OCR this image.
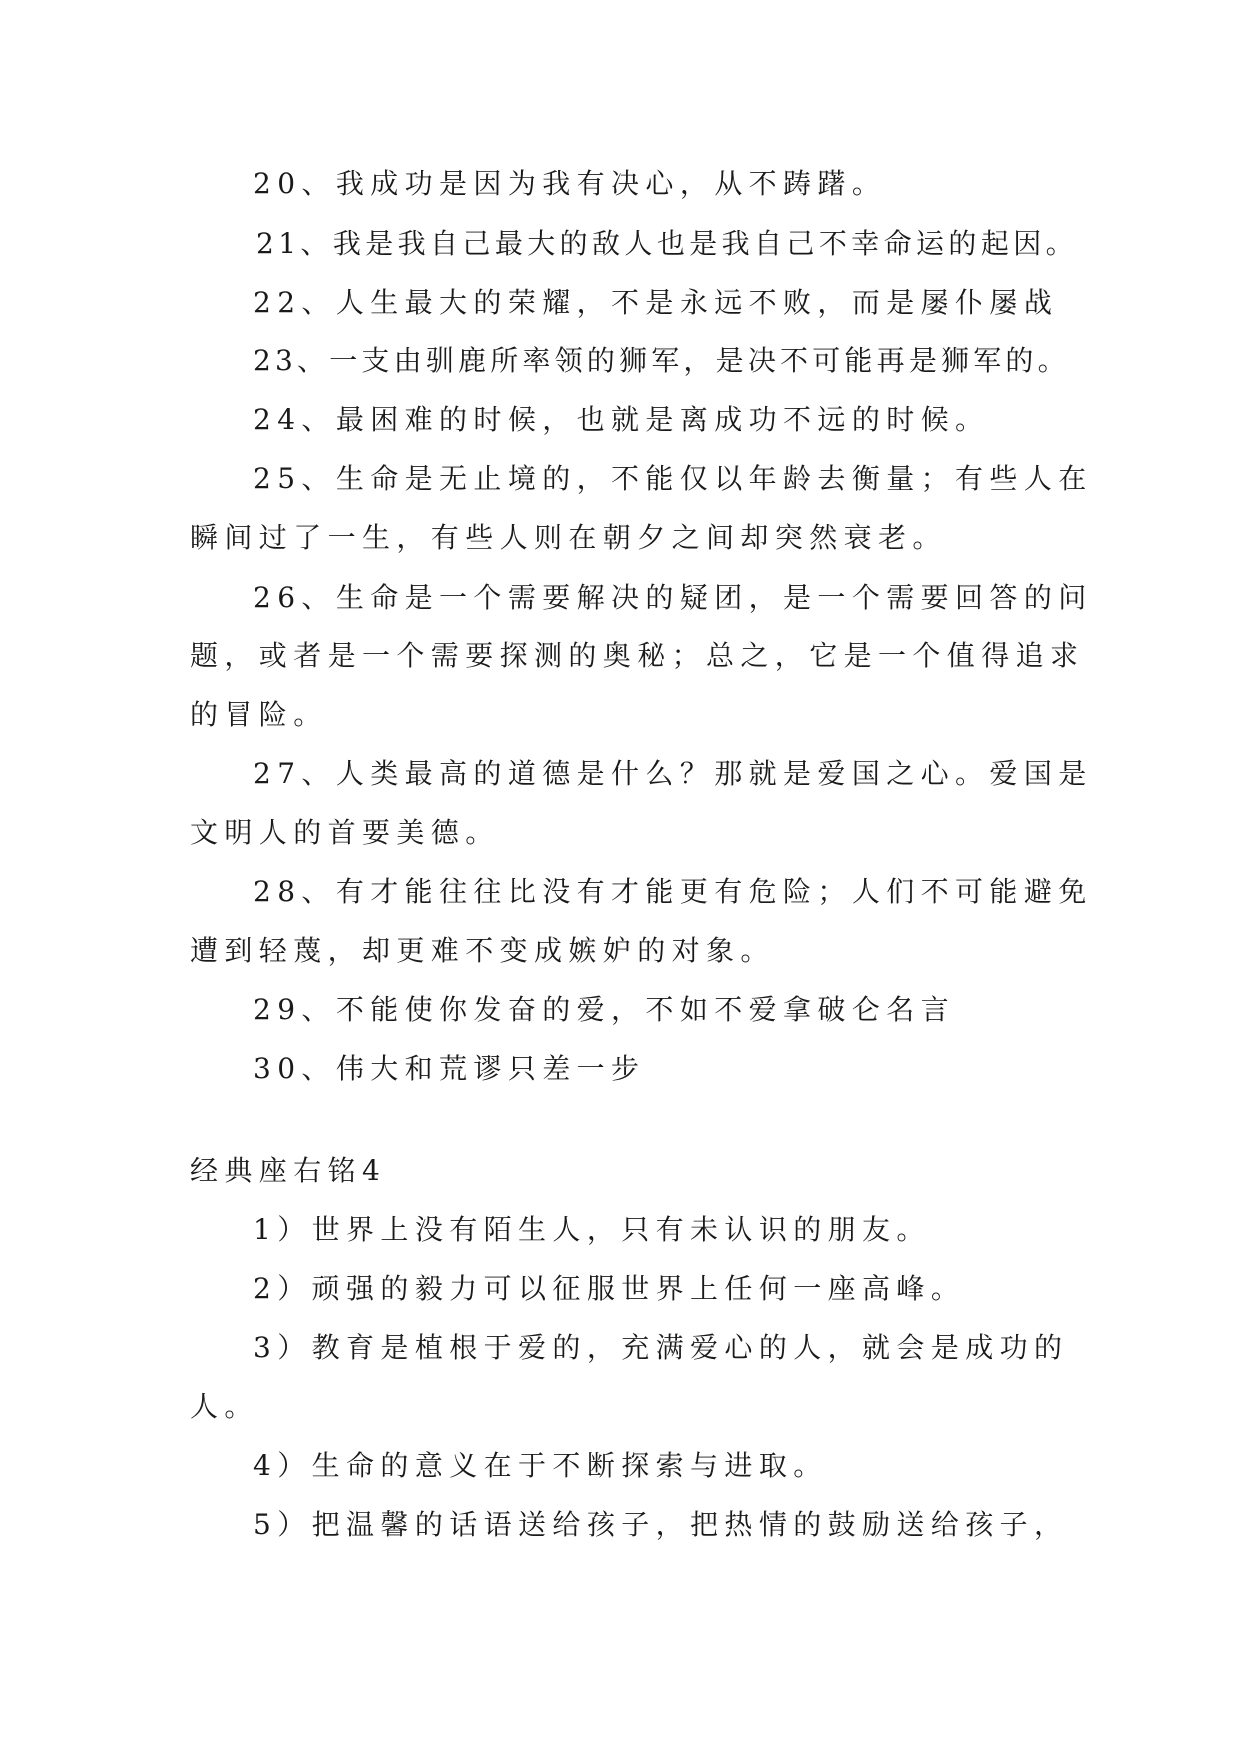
20、我成功是因为我有决心，从不踌躇。
21、我是我自己最大的敌人也是我自己不幸命运的起因。
22、人生最大的荣耀，不是永远不败，而是屡仆屡战
23、一支由驯鹿所率领的狮军，是决不可能再是狮军的。
24、最困难的时候，也就是离成功不远的时候。
25、生命是无止境的，不能仅以年龄去衡量；有些人在
瞬间过了一生，有些人则在朝夕之间却突然衰老。
26、生命是一个需要解决的疑团，是一个需要回答的问
题，或者是一个需要探测的奥秘；总之，它是一个值得追求
的冒险。
27、人类最高的道德是什么？那就是爱国之心。爱国是
文明人的首要美德。
28、有才能往往比没有才能更有危险；人们不可能避免
遭到轻蔑，却更难不变成嫉妒的对象。
29、不能使你发奋的爱，不如不爱拿破仑名言
30、伟大和荒谬只差一步
经典座右铭4
1）世界上没有陌生人，只有未认识的朋友。
2）顽强的毅力可以征服世界上任何一座高峰。
3）教育是植根于爱的，充满爱心的人，就会是成功的
人。
4）生命的意义在于不断探索与进取。
5）把温馨的话语送给孩子，把热情的鼓励送给孩子，
